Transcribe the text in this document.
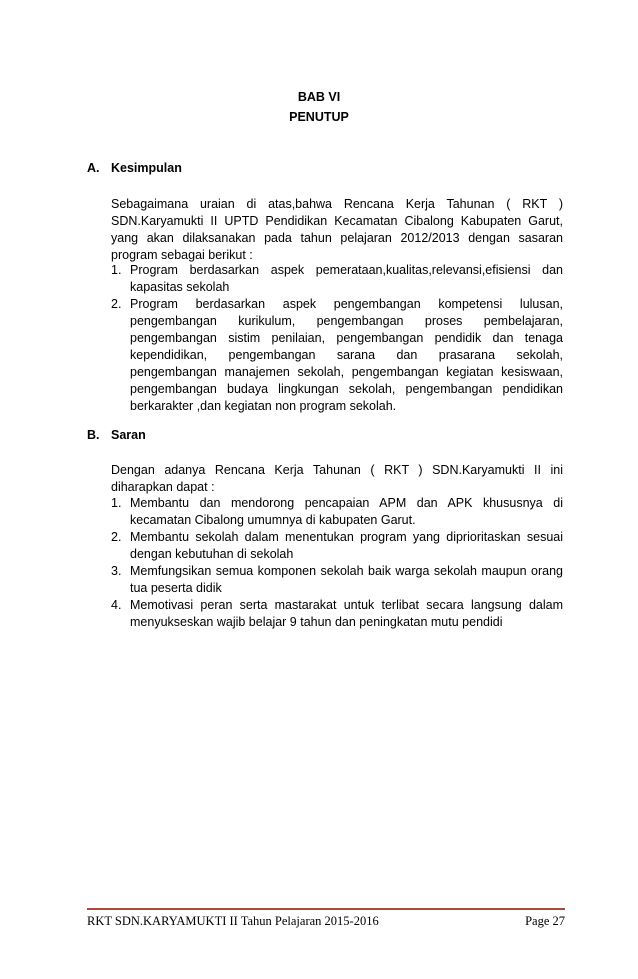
BAB VI
PENUTUP
A. Kesimpulan
Sebagaimana uraian di atas,bahwa Rencana Kerja Tahunan ( RKT ) SDN.Karyamukti II UPTD Pendidikan Kecamatan Cibalong Kabupaten Garut, yang akan dilaksanakan pada tahun pelajaran 2012/2013 dengan sasaran program sebagai berikut :
1. Program berdasarkan aspek pemerataan,kualitas,relevansi,efisiensi dan kapasitas sekolah
2. Program berdasarkan aspek pengembangan kompetensi lulusan, pengembangan kurikulum, pengembangan proses pembelajaran, pengembangan sistim penilaian, pengembangan pendidik dan tenaga kependidikan, pengembangan sarana dan prasarana sekolah, pengembangan manajemen sekolah, pengembangan kegiatan kesiswaan, pengembangan budaya lingkungan sekolah, pengembangan pendidikan berkarakter ,dan kegiatan non program sekolah.
B. Saran
Dengan adanya Rencana Kerja Tahunan ( RKT ) SDN.Karyamukti II ini diharapkan dapat :
1. Membantu dan mendorong pencapaian APM dan APK khususnya di kecamatan Cibalong umumnya di kabupaten Garut.
2. Membantu sekolah dalam menentukan program yang diprioritaskan sesuai dengan kebutuhan di sekolah
3. Memfungsikan semua komponen sekolah baik warga sekolah maupun orang tua peserta didik
4. Memotivasi peran serta mastarakat untuk terlibat secara langsung dalam menyukseskan wajib belajar 9 tahun dan peningkatan mutu pendidi
RKT SDN.KARYAMUKTI II Tahun Pelajaran 2015-2016	Page 27
